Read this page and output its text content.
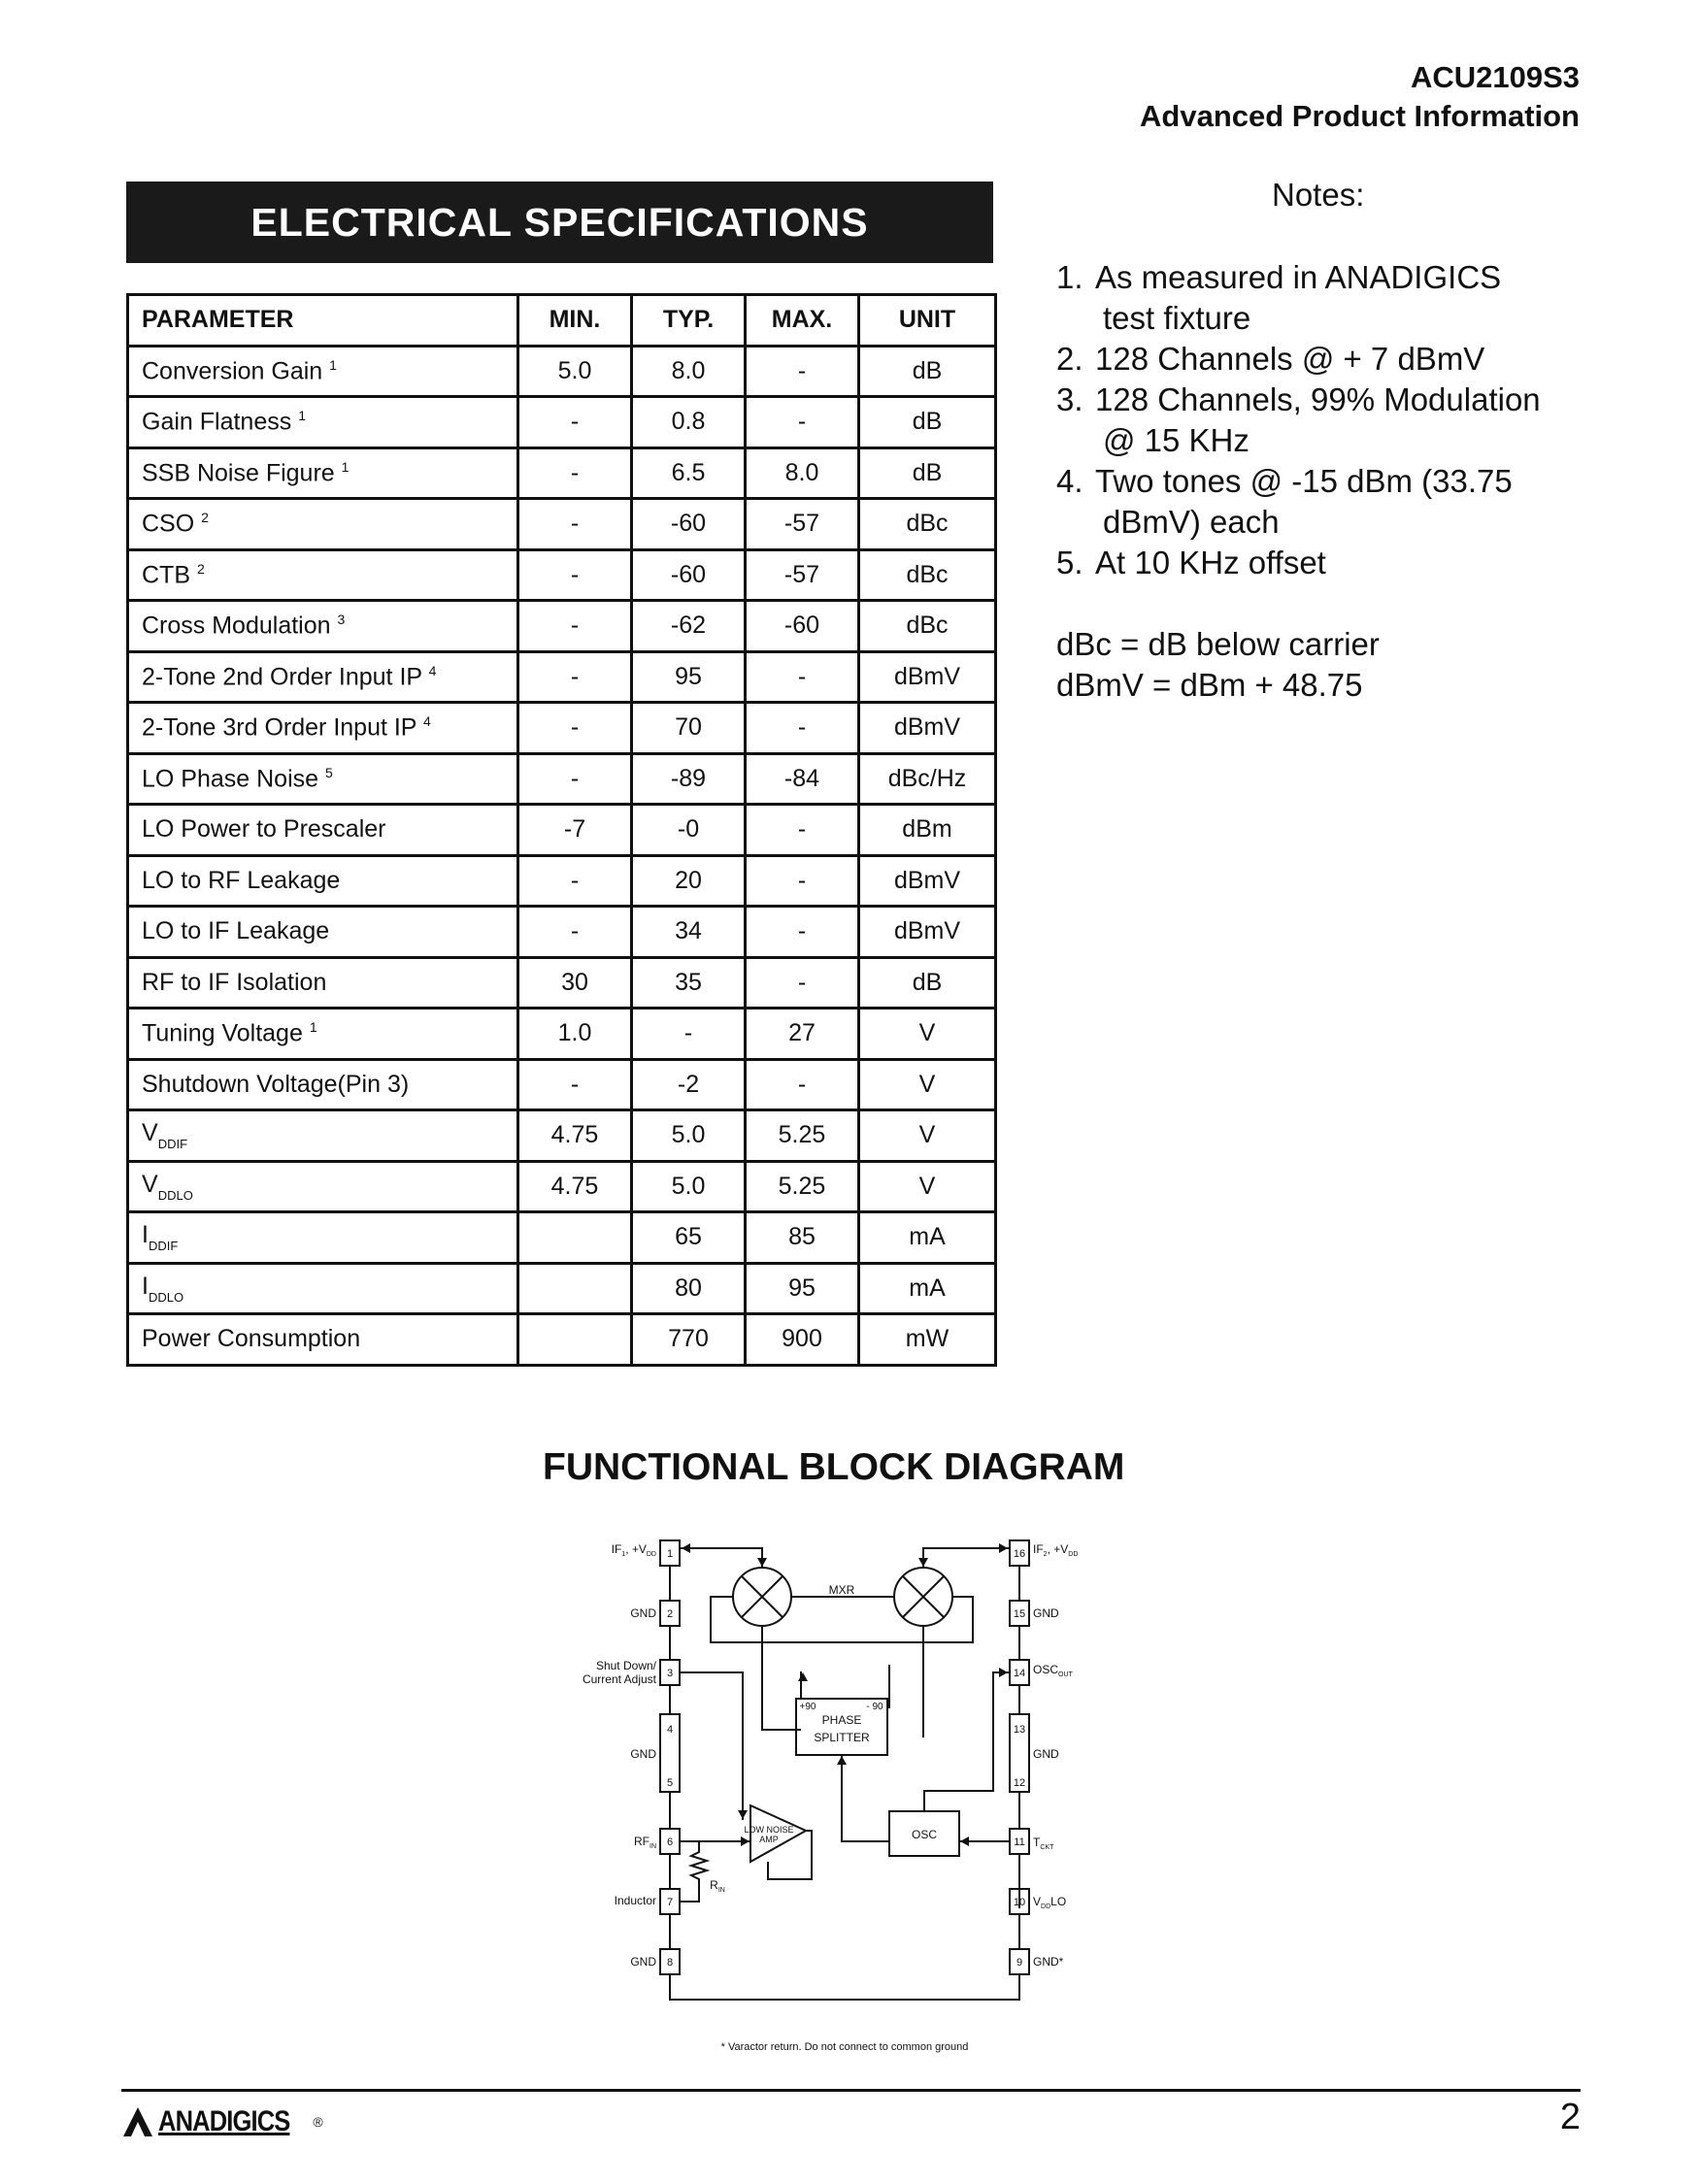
ACU2109S3
Advanced Product Information
ELECTRICAL SPECIFICATIONS
PARAMETER	MIN.	TYP.	MAX.	UNIT
Conversion Gain $^1$	5.0	8.0	-	dB
Gain Flatness $^1$	-	0.8	-	dB
SSB Noise Figure $^1$	-	6.5	8.0	dB
CSO $^2$	-	-60	-57	dBc
CTB $^2$	-	-60	-57	dBc
Cross Modulation $^3$	-	-62	-60	dBc
2-Tone 2nd Order Input IP $^4$	-	95	-	dBmV
2-Tone 3rd Order Input IP $^4$	-	70	-	dBmV
LO Phase Noise $^5$	-	-89	-84	dBc/Hz
LO Power to Prescaler	-7	-0	-	dBm
LO to RF Leakage	-	20	-	dBmV
LO to IF Leakage	-	34	-	dBmV
RF to IF Isolation	30	35	-	dB
Tuning Voltage $^1$	1.0	-	27	V
Shutdown Voltage(Pin 3)	-	-2	-	V
$V_{DDIF}$	4.75	5.0	5.25	V
$V_{DDLO}$	4.75	5.0	5.25	V
$I_{DDIF}$		65	85	mA
$I_{DDLO}$		80	95	mA
Power Consumption		770	900	mW
Notes:
1. As measured in ANADIGICS
test fixture
2. 128 Channels @ + 7 dBmV
3. 128 Channels, 99% Modulation
@ 15 KHz
4. Two tones @ -15 dBm (33.75
dBmV) each
5. At 10 KHz offset
dBc = dB below carrier
dBmV = dBm + 48.75
FUNCTIONAL BLOCK DIAGRAM
1
2
3
4
5
6
7
8
16
15
14
13
12
11
10
9
$IF_1$, $+V_{DD}$
GND
Shut Down/
Current Adjust
GND
$RF_{IN}$
Inductor
GND
$IF_2$, $+V_{DD}$
GND
$OSC_{OUT}$
GND
$T_{CKT}$
$V_{DD}LO$
GND*
MXR
+90	- 90
PHASE
SPLITTER
LOW NOISE
AMP	OSC
$R_{IN}$
* Varactor return. Do not connect to common ground
ANADIGICS ®	2
